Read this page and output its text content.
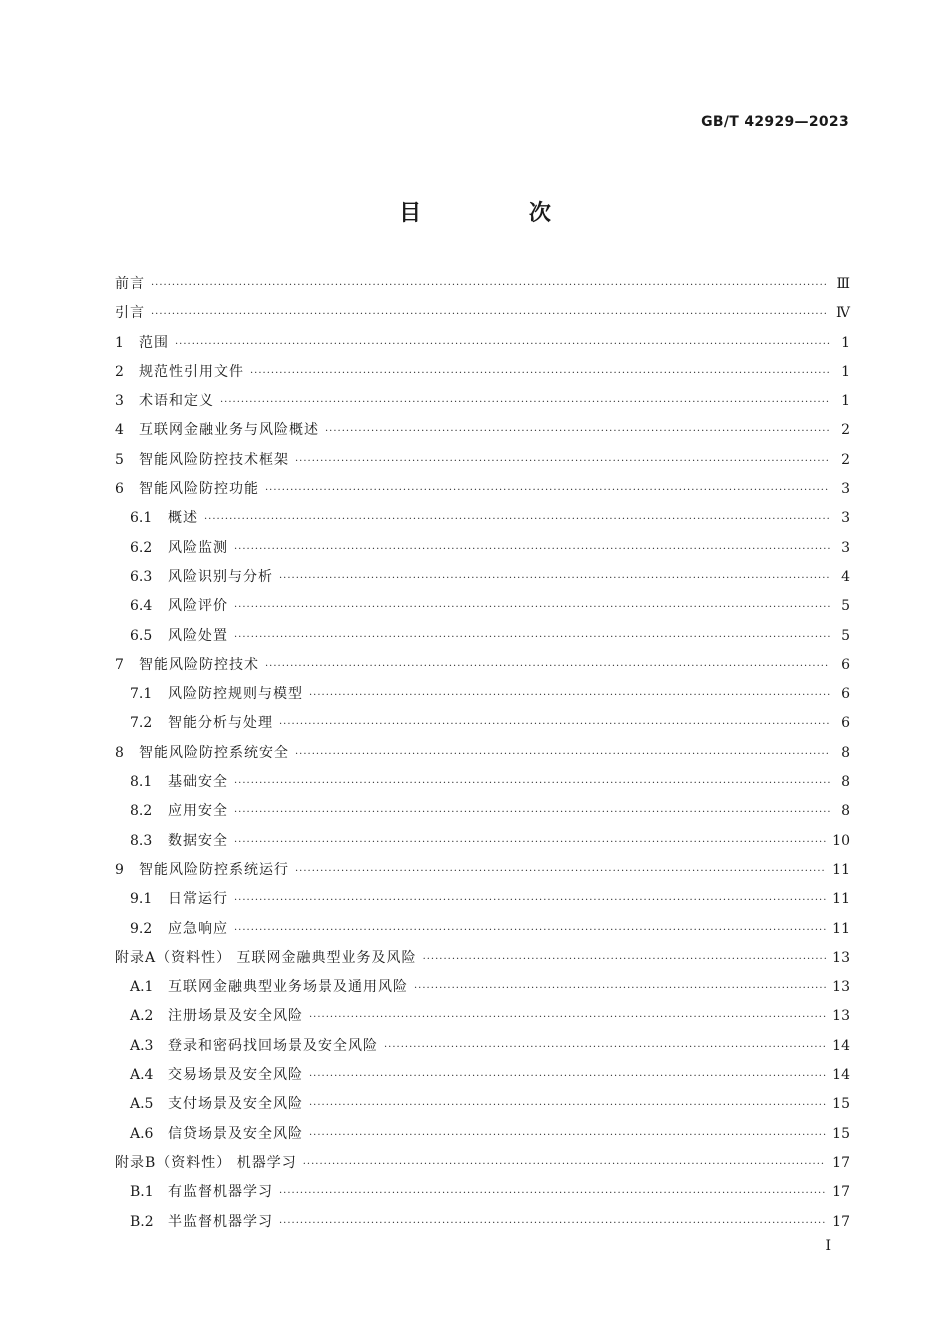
GB/T 42929—2023
目 次
前言 ·····	Ⅲ
引言 ·····	Ⅳ
1	范围 ·····	1
2	规范性引用文件 ·····	1
3	术语和定义 ·····	1
4	互联网金融业务与风险概述 ·····	2
5	智能风险防控技术框架 ·····	2
6	智能风险防控功能 ·····	3
6.1	概述 ·····	3
6.2	风险监测 ·····	3
6.3	风险识别与分析 ·····	4
6.4	风险评价 ·····	5
6.5	风险处置 ·····	5
7	智能风险防控技术 ·····	6
7.1	风险防控规则与模型 ·····	6
7.2	智能分析与处理 ·····	6
8	智能风险防控系统安全 ·····	8
8.1	基础安全 ·····	8
8.2	应用安全 ·····	8
8.3	数据安全 ·····	10
9	智能风险防控系统运行 ·····	11
9.1	日常运行 ·····	11
9.2	应急响应 ·····	11
附录A（资料性） 互联网金融典型业务及风险 ·····	13
A.1	互联网金融典型业务场景及通用风险 ·····	13
A.2	注册场景及安全风险 ·····	13
A.3	登录和密码找回场景及安全风险 ·····	14
A.4	交易场景及安全风险 ·····	14
A.5	支付场景及安全风险 ·····	15
A.6	信贷场景及安全风险 ·····	15
附录B（资料性） 机器学习 ·····	17
B.1	有监督机器学习 ·····	17
B.2	半监督机器学习 ·····	17
Ⅰ
